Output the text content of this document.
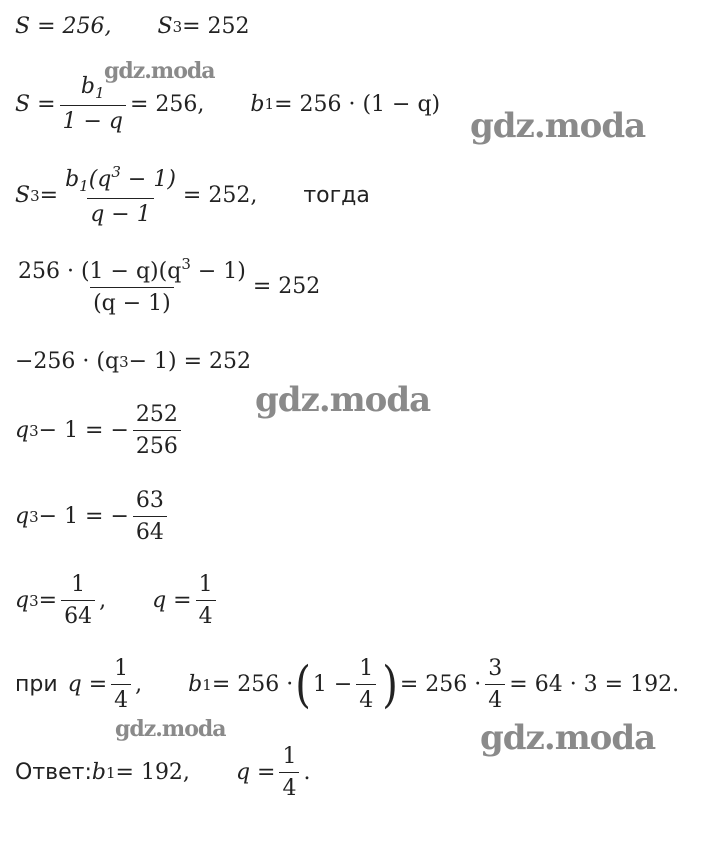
S = 256, S 3 = 252
$S = \frac{b_1}{1 - q} = 256$, b 1 = 256 · (1 − q)
S $3 = \frac{b_1(q^3 - 1)}{q - 1} = 252$, тогда
$\frac{256 \cdot (1 - q)(q^3 - 1)}{(q - 1)} = 252$
−256 · (q 3 − 1) = 252
q 3 − 1 = − $\frac{252}{256}$
q 3 − 1 = − $\frac{63}{64}$
q $3 = \frac{1}{64}$ , $q = \frac{1}{4}$
при $q = \frac{1}{4}$ , b 1 = 256 · ( $1 - \frac{1}{4}$ ) = $256 \cdot \frac{3}{4} = 64 \cdot 3 = 192$.
Ответ: b 1 = 192, $q = \frac{1}{4}$ .
gdz.moda
gdz.moda
gdz.moda
gdz.moda	gdz.moda
